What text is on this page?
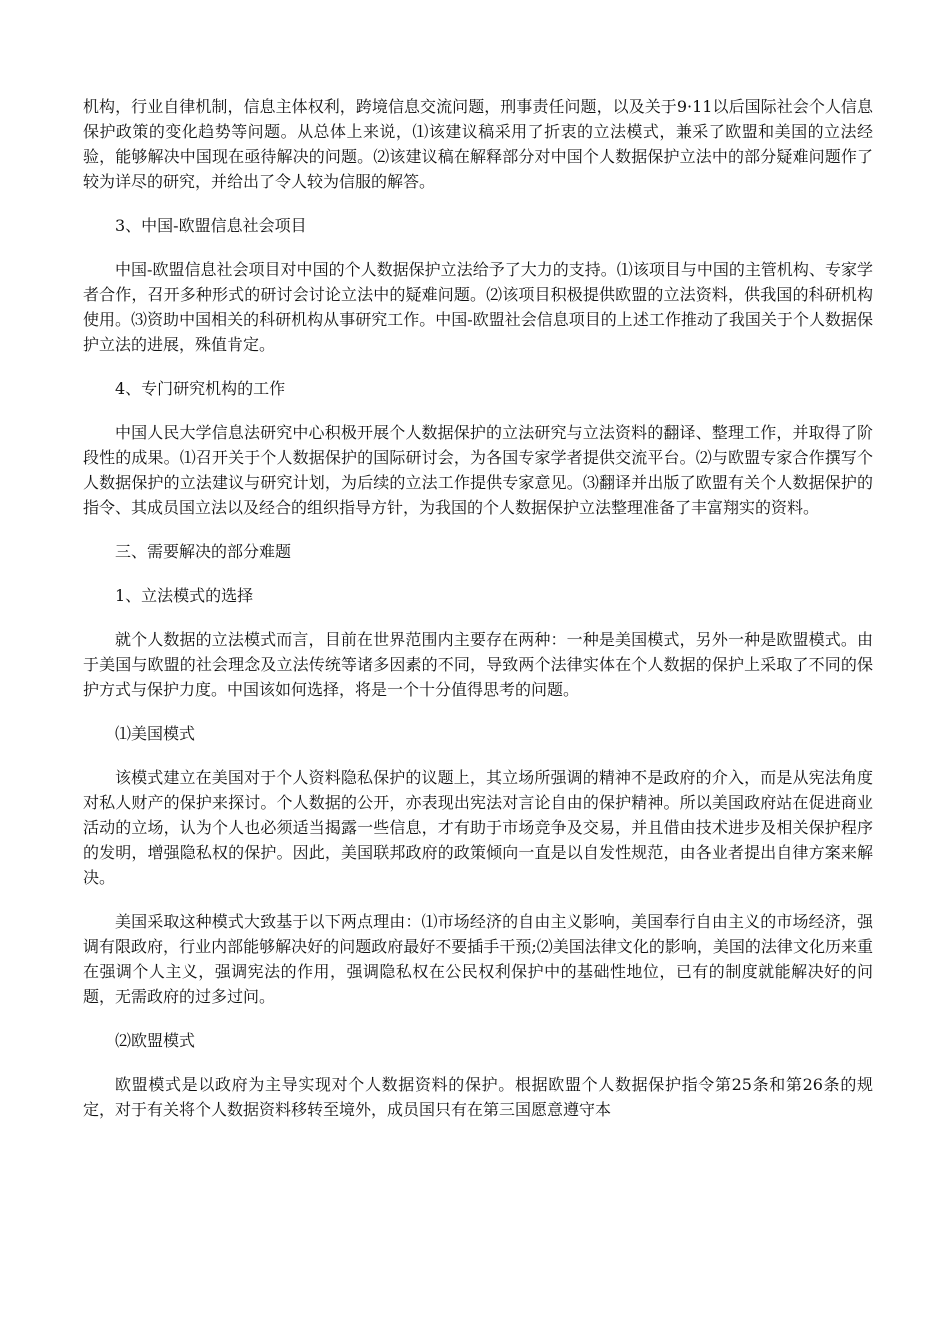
机构，行业自律机制，信息主体权利，跨境信息交流问题，刑事责任问题，以及关于9·11以后国际社会个人信息保护政策的变化趋势等问题。从总体上来说，⑴该建议稿采用了折衷的立法模式，兼采了欧盟和美国的立法经验，能够解决中国现在亟待解决的问题。⑵该建议稿在解释部分对中国个人数据保护立法中的部分疑难问题作了较为详尽的研究，并给出了令人较为信服的解答。

3、中国-欧盟信息社会项目

中国-欧盟信息社会项目对中国的个人数据保护立法给予了大力的支持。⑴该项目与中国的主管机构、专家学者合作，召开多种形式的研讨会讨论立法中的疑难问题。⑵该项目积极提供欧盟的立法资料，供我国的科研机构使用。⑶资助中国相关的科研机构从事研究工作。中国-欧盟社会信息项目的上述工作推动了我国关于个人数据保护立法的进展，殊值肯定。

4、专门研究机构的工作

中国人民大学信息法研究中心积极开展个人数据保护的立法研究与立法资料的翻译、整理工作，并取得了阶段性的成果。⑴召开关于个人数据保护的国际研讨会，为各国专家学者提供交流平台。⑵与欧盟专家合作撰写个人数据保护的立法建议与研究计划，为后续的立法工作提供专家意见。⑶翻译并出版了欧盟有关个人数据保护的指令、其成员国立法以及经合的组织指导方针，为我国的个人数据保护立法整理准备了丰富翔实的资料。

三、需要解决的部分难题

1、立法模式的选择

就个人数据的立法模式而言，目前在世界范围内主要存在两种：一种是美国模式，另外一种是欧盟模式。由于美国与欧盟的社会理念及立法传统等诸多因素的不同，导致两个法律实体在个人数据的保护上采取了不同的保护方式与保护力度。中国该如何选择，将是一个十分值得思考的问题。

⑴美国模式

该模式建立在美国对于个人资料隐私保护的议题上，其立场所强调的精神不是政府的介入，而是从宪法角度对私人财产的保护来探讨。个人数据的公开，亦表现出宪法对言论自由的保护精神。所以美国政府站在促进商业活动的立场，认为个人也必须适当揭露一些信息，才有助于市场竞争及交易，并且借由技术进步及相关保护程序的发明，增强隐私权的保护。因此，美国联邦政府的政策倾向一直是以自发性规范，由各业者提出自律方案来解决。

美国采取这种模式大致基于以下两点理由：⑴市场经济的自由主义影响，美国奉行自由主义的市场经济，强调有限政府，行业内部能够解决好的问题政府最好不要插手干预;⑵美国法律文化的影响，美国的法律文化历来重在强调个人主义，强调宪法的作用，强调隐私权在公民权利保护中的基础性地位，已有的制度就能解决好的问题，无需政府的过多过问。

⑵欧盟模式

欧盟模式是以政府为主导实现对个人数据资料的保护。根据欧盟个人数据保护指令第25条和第26条的规定，对于有关将个人数据资料移转至境外，成员国只有在第三国愿意遵守本
